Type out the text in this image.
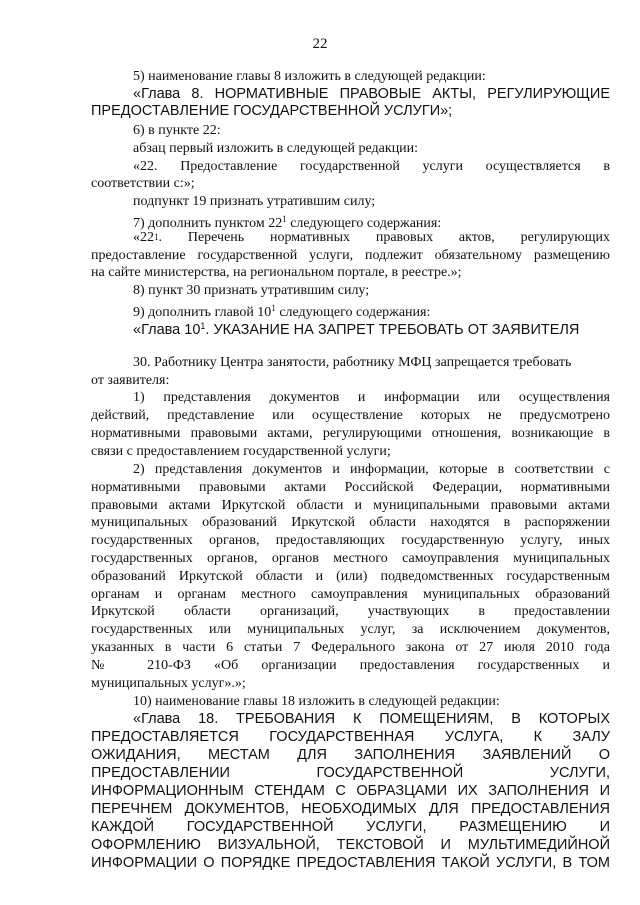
22
5) наименование главы 8 изложить в следующей редакции:
«Глава 8. НОРМАТИВНЫЕ ПРАВОВЫЕ АКТЫ, РЕГУЛИРУЮЩИЕ
ПРЕДОСТАВЛЕНИЕ ГОСУДАРСТВЕННОЙ УСЛУГИ»;
6) в пункте 22:
абзац первый изложить в следующей редакции:
«22. Предоставление государственной услуги осуществляется в
соответствии с:»;
подпункт 19 признать утратившим силу;
7) дополнить пунктом $22^1$ следующего содержания:
«22 1 . Перечень нормативных правовых актов, регулирующих
предоставление государственной услуги, подлежит обязательному размещению
на сайте министерства, на региональном портале, в реестре.»;
8) пункт 30 признать утратившим силу;
9) дополнить главой $10^1$ следующего содержания:
«Глава $10^1$. УКАЗАНИЕ НА ЗАПРЕТ ТРЕБОВАТЬ ОТ ЗАЯВИТЕЛЯ
30. Работнику Центра занятости, работнику МФЦ запрещается требовать
от заявителя:
1) представления документов и информации или осуществления
действий, представление или осуществление которых не предусмотрено
нормативными правовыми актами, регулирующими отношения, возникающие в
связи с предоставлением государственной услуги;
2) представления документов и информации, которые в соответствии с
нормативными правовыми актами Российской Федерации, нормативными
правовыми актами Иркутской области и муниципальными правовыми актами
муниципальных образований Иркутской области находятся в распоряжении
государственных органов, предоставляющих государственную услугу, иных
государственных органов, органов местного самоуправления муниципальных
образований Иркутской области и (или) подведомственных государственным
органам и органам местного самоуправления муниципальных образований
Иркутской области организаций, участвующих в предоставлении
государственных или муниципальных услуг, за исключением документов,
указанных в части 6 статьи 7 Федерального закона от 27 июля 2010 года
№ 210-ФЗ «Об организации предоставления государственных и
муниципальных услуг».»;
10) наименование главы 18 изложить в следующей редакции:
«Глава 18. ТРЕБОВАНИЯ К ПОМЕЩЕНИЯМ, В КОТОРЫХ
ПРЕДОСТАВЛЯЕТСЯ ГОСУДАРСТВЕННАЯ УСЛУГА, К ЗАЛУ
ОЖИДАНИЯ, МЕСТАМ ДЛЯ ЗАПОЛНЕНИЯ ЗАЯВЛЕНИЙ О
ПРЕДОСТАВЛЕНИИ ГОСУДАРСТВЕННОЙ УСЛУГИ,
ИНФОРМАЦИОННЫМ СТЕНДАМ С ОБРАЗЦАМИ ИХ ЗАПОЛНЕНИЯ И
ПЕРЕЧНЕМ ДОКУМЕНТОВ, НЕОБХОДИМЫХ ДЛЯ ПРЕДОСТАВЛЕНИЯ
КАЖДОЙ ГОСУДАРСТВЕННОЙ УСЛУГИ, РАЗМЕЩЕНИЮ И
ОФОРМЛЕНИЮ ВИЗУАЛЬНОЙ, ТЕКСТОВОЙ И МУЛЬТИМЕДИЙНОЙ
ИНФОРМАЦИИ О ПОРЯДКЕ ПРЕДОСТАВЛЕНИЯ ТАКОЙ УСЛУГИ, В ТОМ
